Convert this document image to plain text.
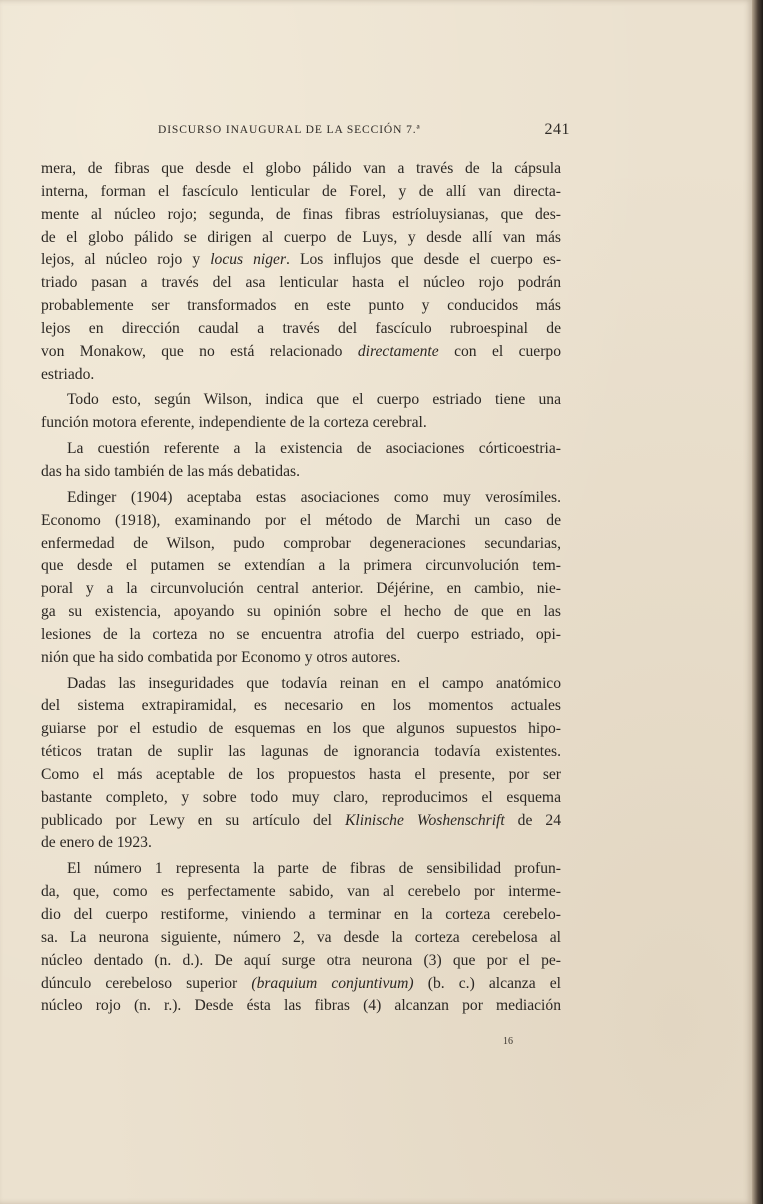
DISCURSO INAUGURAL DE LA SECCIÓN 7.ª	241
mera, de fibras que desde el globo pálido van a través de la cápsula
interna, forman el fascículo lenticular de Forel, y de allí van directa-
mente al núcleo rojo; segunda, de finas fibras estríoluysianas, que des-
de el globo pálido se dirigen al cuerpo de Luys, y desde allí van más
lejos, al núcleo rojo y locus niger. Los influjos que desde el cuerpo es-
triado pasan a través del asa lenticular hasta el núcleo rojo podrán
probablemente ser transformados en este punto y conducidos más
lejos en dirección caudal a través del fascículo rubroespinal de
von Monakow, que no está relacionado directamente con el cuerpo
estriado.
Todo esto, según Wilson, indica que el cuerpo estriado tiene una
función motora eferente, independiente de la corteza cerebral.
La cuestión referente a la existencia de asociaciones córticoestria-
das ha sido también de las más debatidas.
Edinger (1904) aceptaba estas asociaciones como muy verosímiles.
Economo (1918), examinando por el método de Marchi un caso de
enfermedad de Wilson, pudo comprobar degeneraciones secundarias,
que desde el putamen se extendían a la primera circunvolución tem-
poral y a la circunvolución central anterior. Déjérine, en cambio, nie-
ga su existencia, apoyando su opinión sobre el hecho de que en las
lesiones de la corteza no se encuentra atrofia del cuerpo estriado, opi-
nión que ha sido combatida por Economo y otros autores.
Dadas las inseguridades que todavía reinan en el campo anatómico
del sistema extrapiramidal, es necesario en los momentos actuales
guiarse por el estudio de esquemas en los que algunos supuestos hipo-
téticos tratan de suplir las lagunas de ignorancia todavía existentes.
Como el más aceptable de los propuestos hasta el presente, por ser
bastante completo, y sobre todo muy claro, reproducimos el esquema
publicado por Lewy en su artículo del Klinische Woshenschrift de 24
de enero de 1923.
El número 1 representa la parte de fibras de sensibilidad profun-
da, que, como es perfectamente sabido, van al cerebelo por interme-
dio del cuerpo restiforme, viniendo a terminar en la corteza cerebelo-
sa. La neurona siguiente, número 2, va desde la corteza cerebelosa al
núcleo dentado (n. d.). De aquí surge otra neurona (3) que por el pe-
dúnculo cerebeloso superior (braquium conjuntivum) (b. c.) alcanza el
núcleo rojo (n. r.). Desde ésta las fibras (4) alcanzan por mediación
16
